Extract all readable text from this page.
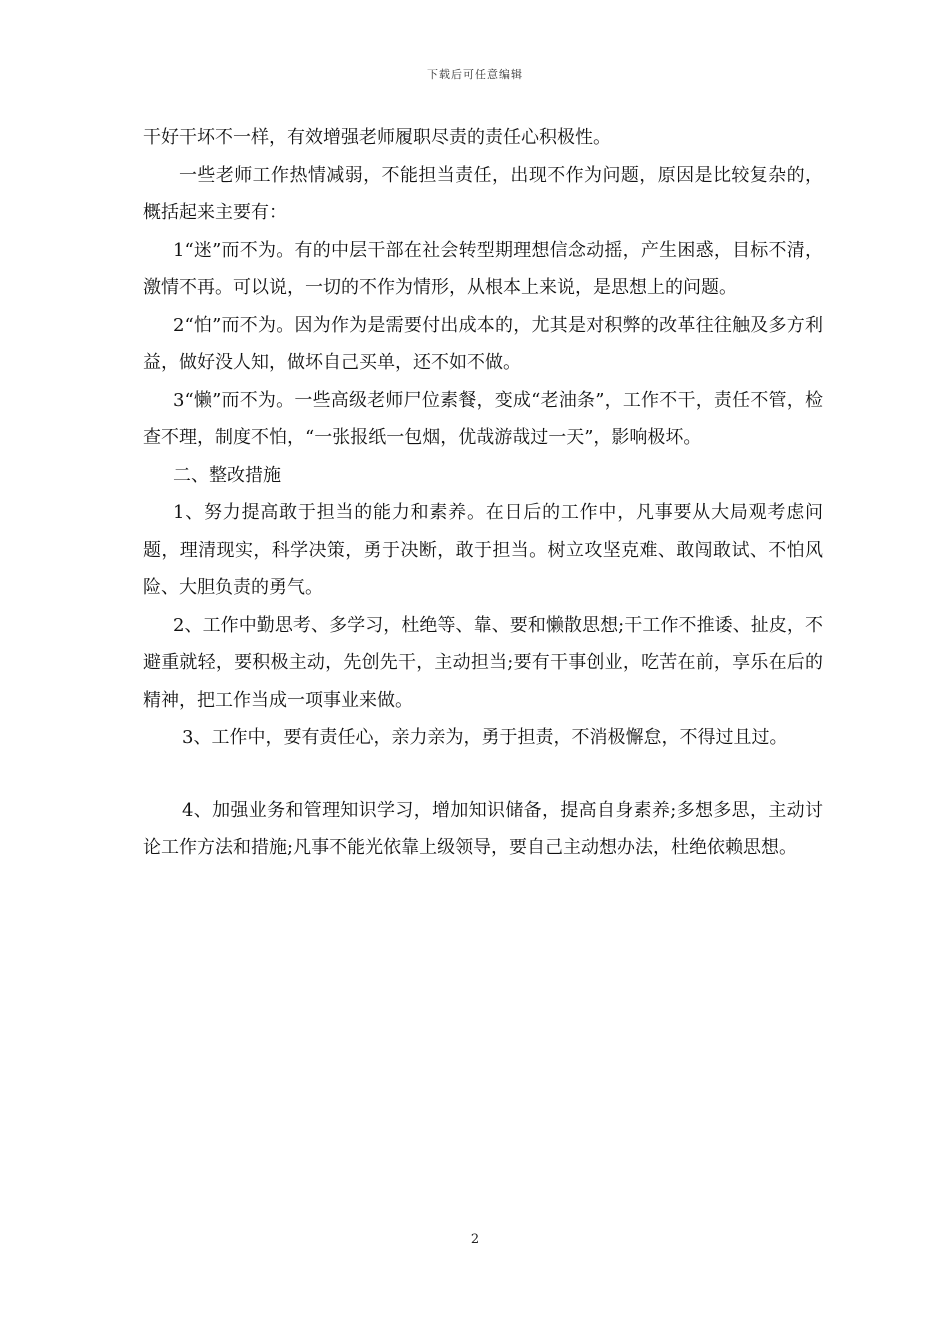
下载后可任意编辑

干好干坏不一样，有效增强老师履职尽责的责任心积极性。

一些老师工作热情减弱，不能担当责任，出现不作为问题，原因是比较复杂的，概括起来主要有：

1“迷”而不为。有的中层干部在社会转型期理想信念动摇，产生困惑，目标不清，激情不再。可以说，一切的不作为情形，从根本上来说，是思想上的问题。

2“怕”而不为。因为作为是需要付出成本的，尤其是对积弊的改革往往触及多方利益，做好没人知，做坏自己买单，还不如不做。

3“懒”而不为。一些高级老师尸位素餐，变成“老油条”，工作不干，责任不管，检查不理，制度不怕，“一张报纸一包烟，优哉游哉过一天”，影响极坏。

二、整改措施

1、努力提高敢于担当的能力和素养。在日后的工作中，凡事要从大局观考虑问题，理清现实，科学决策，勇于决断，敢于担当。树立攻坚克难、敢闯敢试、不怕风险、大胆负责的勇气。

2、工作中勤思考、多学习，杜绝等、靠、要和懒散思想;干工作不推诿、扯皮，不避重就轻，要积极主动，先创先干，主动担当;要有干事创业，吃苦在前，享乐在后的精神，把工作当成一项事业来做。

3、工作中，要有责任心，亲力亲为，勇于担责，不消极懈怠，不得过且过。

4、加强业务和管理知识学习，增加知识储备，提高自身素养;多想多思，主动讨论工作方法和措施;凡事不能光依靠上级领导，要自己主动想办法，杜绝依赖思想。

2
